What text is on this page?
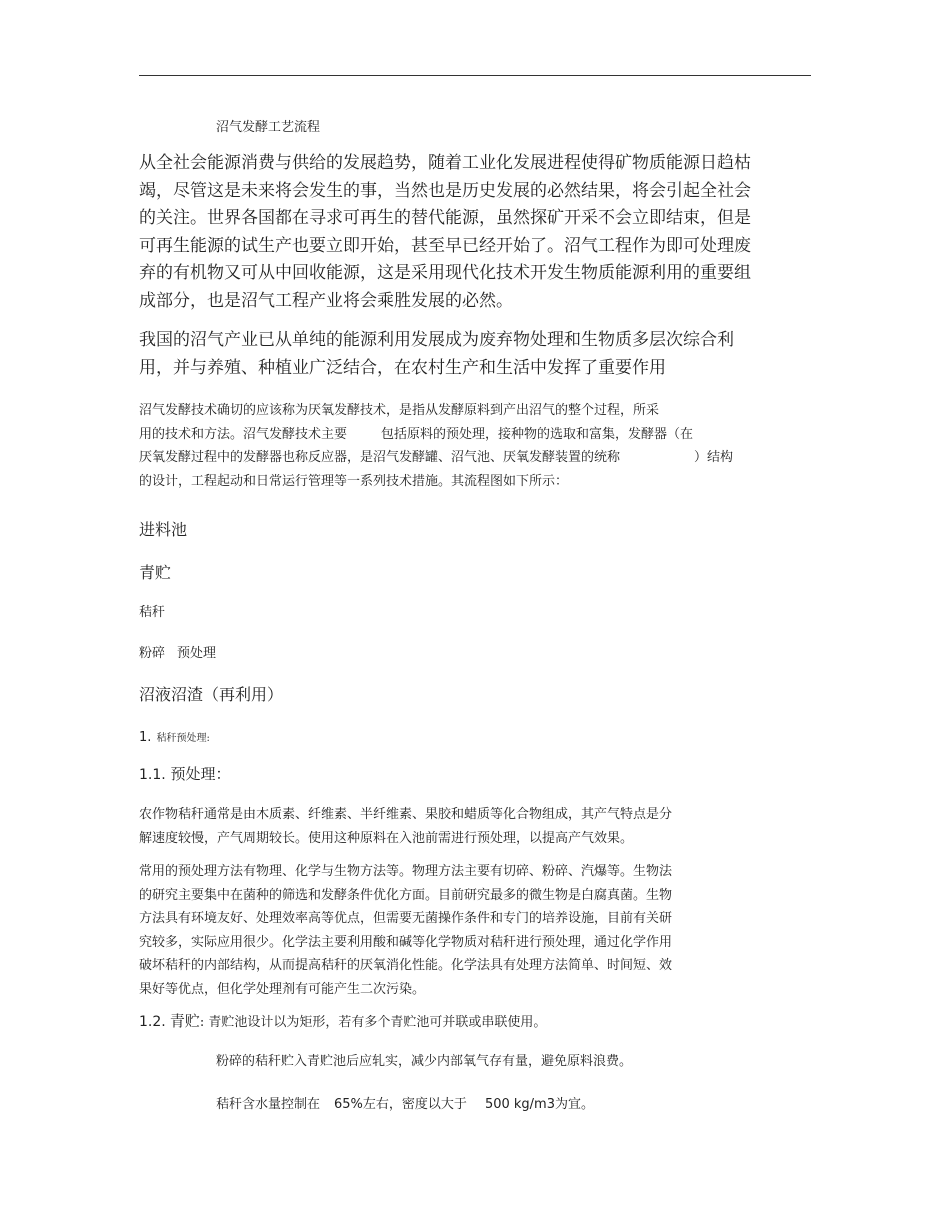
沼气发酵工艺流程
从全社会能源消费与供给的发展趋势，随着工业化发展进程使得矿物质能源日趋枯
竭，尽管这是未来将会发生的事，当然也是历史发展的必然结果，将会引起全社会
的关注。世界各国都在寻求可再生的替代能源，虽然探矿开采不会立即结束，但是
可再生能源的试生产也要立即开始，甚至早已经开始了。沼气工程作为即可处理废
弃的有机物又可从中回收能源，这是采用现代化技术开发生物质能源利用的重要组
成部分，也是沼气工程产业将会乘胜发展的必然。
我国的沼气产业已从单纯的能源利用发展成为废弃物处理和生物质多层次综合利
用，并与养殖、种植业广泛结合，在农村生产和生活中发挥了重要作用
沼气发酵技术确切的应该称为厌氧发酵技术，是指从发酵原料到产出沼气的整个过程，所采
用的技术和方法。沼气发酵技术主要	包括原料的预处理，接种物的选取和富集，发酵器（在
厌氧发酵过程中的发酵器也称反应器，是沼气发酵罐、沼气池、厌氧发酵装置的统称	）结构
的设计，工程起动和日常运行管理等一系列技术措施。其流程图如下所示：
进料池
青贮
秸秆
粉碎 预处理
沼液沼渣（再利用）
1. 秸秆预处理:
1.1. 预处理：
农作物秸秆通常是由木质素、纤维素、半纤维素、果胶和蜡质等化合物组成，其产气特点是分
解速度较慢，产气周期较长。使用这种原料在入池前需进行预处理，以提高产气效果。
常用的预处理方法有物理、化学与生物方法等。物理方法主要有切碎、粉碎、汽爆等。生物法
的研究主要集中在菌种的筛选和发酵条件优化方面。目前研究最多的微生物是白腐真菌。生物
方法具有环境友好、处理效率高等优点，但需要无菌操作条件和专门的培养设施，目前有关研
究较多，实际应用很少。化学法主要利用酸和碱等化学物质对秸秆进行预处理，通过化学作用
破坏秸秆的内部结构，从而提高秸秆的厌氧消化性能。化学法具有处理方法简单、时间短、效
果好等优点，但化学处理剂有可能产生二次污染。
1.2. 青贮: 青贮池设计以为矩形，若有多个青贮池可并联或串联使用。
粉碎的秸秆贮入青贮池后应轧实，减少内部氧气存有量，避免原料浪费。
秸秆含水量控制在 65%左右，密度以大于 500 kg/m3为宜。
